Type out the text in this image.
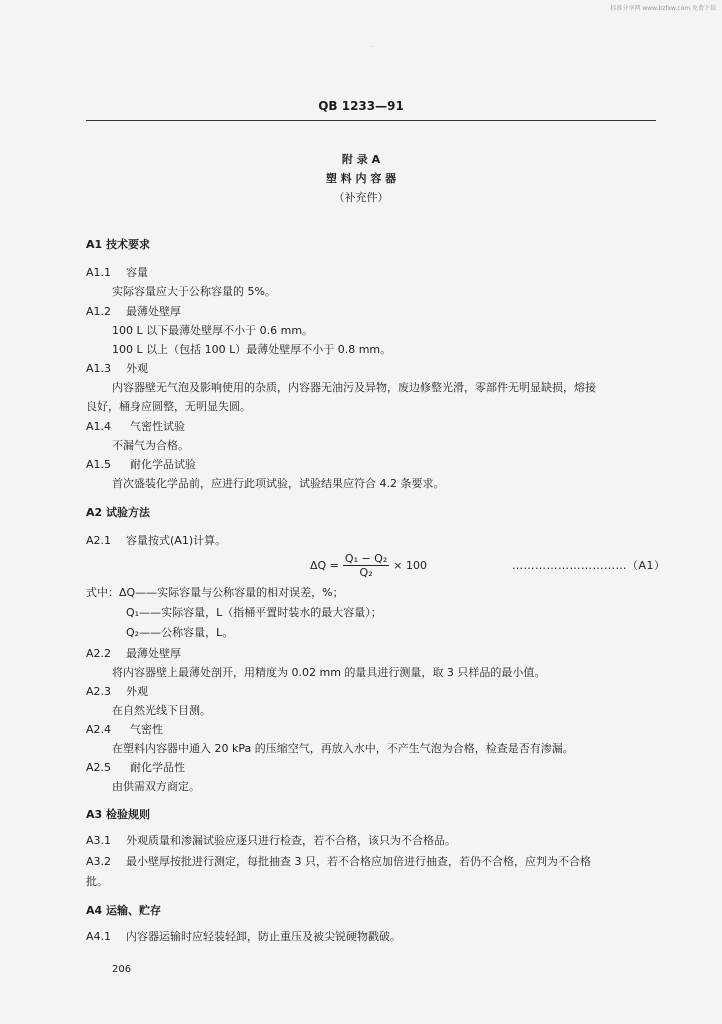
标准分享网 www.bzfxw.com 免费下载
·
QB 1233—91
附 录 A
塑 料 内 容 器
（补充件）
A1 技术要求
A1.1 容量
实际容量应大于公称容量的 5%。
A1.2 最薄处壁厚
100 L 以下最薄处壁厚不小于 0.6 mm。
100 L 以上（包括 100 L）最薄处壁厚不小于 0.8 mm。
A1.3 外观
内容器壁无气泡及影响使用的杂质，内容器无油污及异物，废边修整光滑，零部件无明显缺损，熔接
良好，桶身应圆整，无明显失圆。
A1.4 气密性试验
不漏气为合格。
A1.5 耐化学品试验
首次盛装化学品前，应进行此项试验，试验结果应符合 4.2 条要求。
A2 试验方法
A2.1 容量按式(A1)计算。
$\Delta Q = \frac{\text{Q₁ − Q₂}}{\text{Q₂}} \times 100$	…………………………（A1）
式中：ΔQ——实际容量与公称容量的相对误差，%；
Q₁——实际容量，L（指桶平置时装水的最大容量）；
Q₂——公称容量，L。
A2.2 最薄处壁厚
将内容器壁上最薄处剖开，用精度为 0.02 mm 的量具进行测量，取 3 只样品的最小值。
A2.3 外观
在自然光线下目测。
A2.4 气密性
在塑料内容器中通入 20 kPa 的压缩空气，再放入水中，不产生气泡为合格，检查是否有渗漏。
A2.5 耐化学品性
由供需双方商定。
A3 检验规则
A3.1 外观质量和渗漏试验应逐只进行检查，若不合格，该只为不合格品。
A3.2 最小壁厚按批进行测定，每批抽查 3 只，若不合格应加倍进行抽查，若仍不合格，应判为不合格
批。
A4 运输、贮存
A4.1 内容器运输时应轻装轻卸，防止重压及被尖锐硬物戳破。
206
